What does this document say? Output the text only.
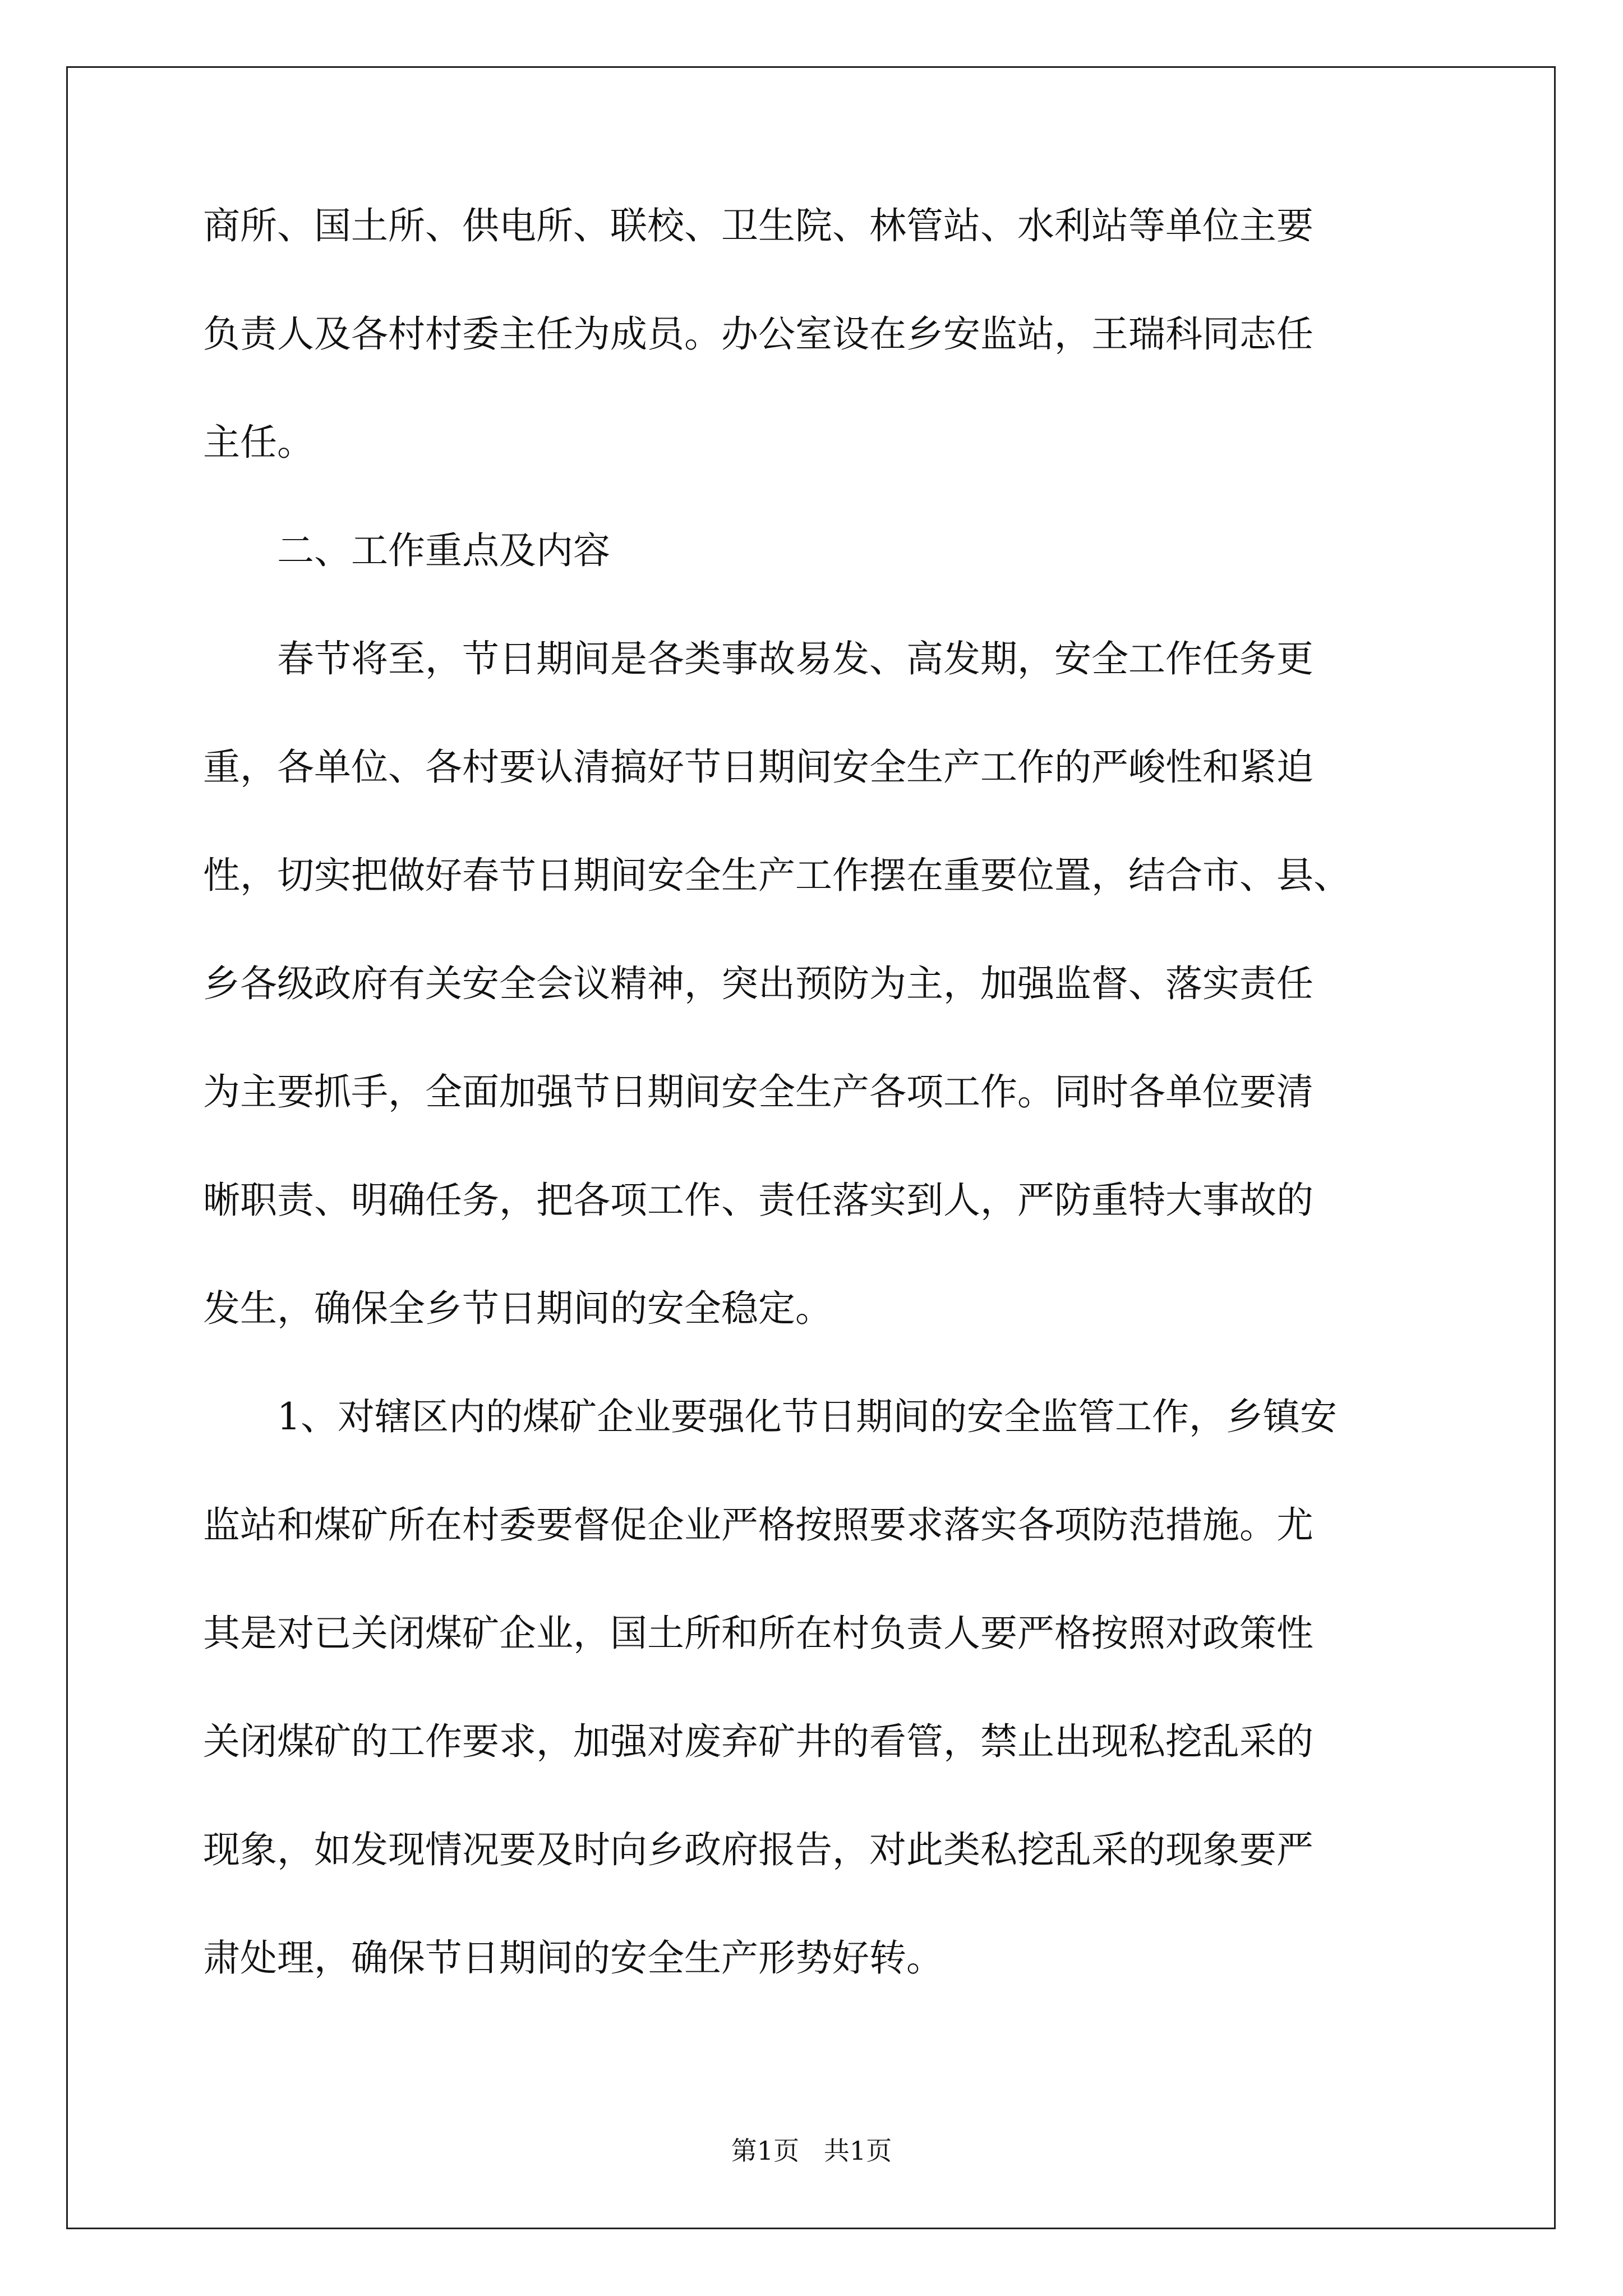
商所、国土所、供电所、联校、卫生院、林管站、水利站等单位主要

负责人及各村村委主任为成员。办公室设在乡安监站，王瑞科同志任

主任。

二、工作重点及内容

春节将至，节日期间是各类事故易发、高发期，安全工作任务更

重，各单位、各村要认清搞好节日期间安全生产工作的严峻性和紧迫

性，切实把做好春节日期间安全生产工作摆在重要位置，结合市、县、

乡各级政府有关安全会议精神，突出预防为主，加强监督、落实责任

为主要抓手，全面加强节日期间安全生产各项工作。同时各单位要清

晰职责、明确任务，把各项工作、责任落实到人，严防重特大事故的

发生，确保全乡节日期间的安全稳定。

1、对辖区内的煤矿企业要强化节日期间的安全监管工作，乡镇安

监站和煤矿所在村委要督促企业严格按照要求落实各项防范措施。尤

其是对已关闭煤矿企业，国土所和所在村负责人要严格按照对政策性

关闭煤矿的工作要求，加强对废弃矿井的看管，禁止出现私挖乱采的

现象，如发现情况要及时向乡政府报告，对此类私挖乱采的现象要严

肃处理，确保节日期间的安全生产形势好转。

第1页   共1页
